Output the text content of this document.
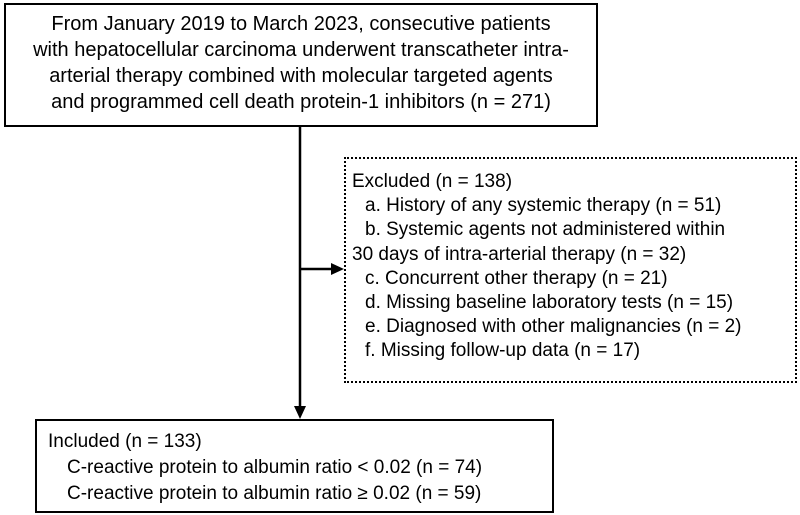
From January 2019 to March 2023, consecutive patients
with hepatocellular carcinoma underwent transcatheter intra-
arterial therapy combined with molecular targeted agents
and programmed cell death protein-1 inhibitors (n = 271)
Excluded (n = 138)
a. History of any systemic therapy (n = 51)
b. Systemic agents not administered within
30 days of intra-arterial therapy (n = 32)
c. Concurrent other therapy (n = 21)
d. Missing baseline laboratory tests (n = 15)
e. Diagnosed with other malignancies (n = 2)
f. Missing follow-up data (n = 17)
Included (n = 133)
C-reactive protein to albumin ratio < 0.02 (n = 74)
C-reactive protein to albumin ratio ≥ 0.02 (n = 59)
